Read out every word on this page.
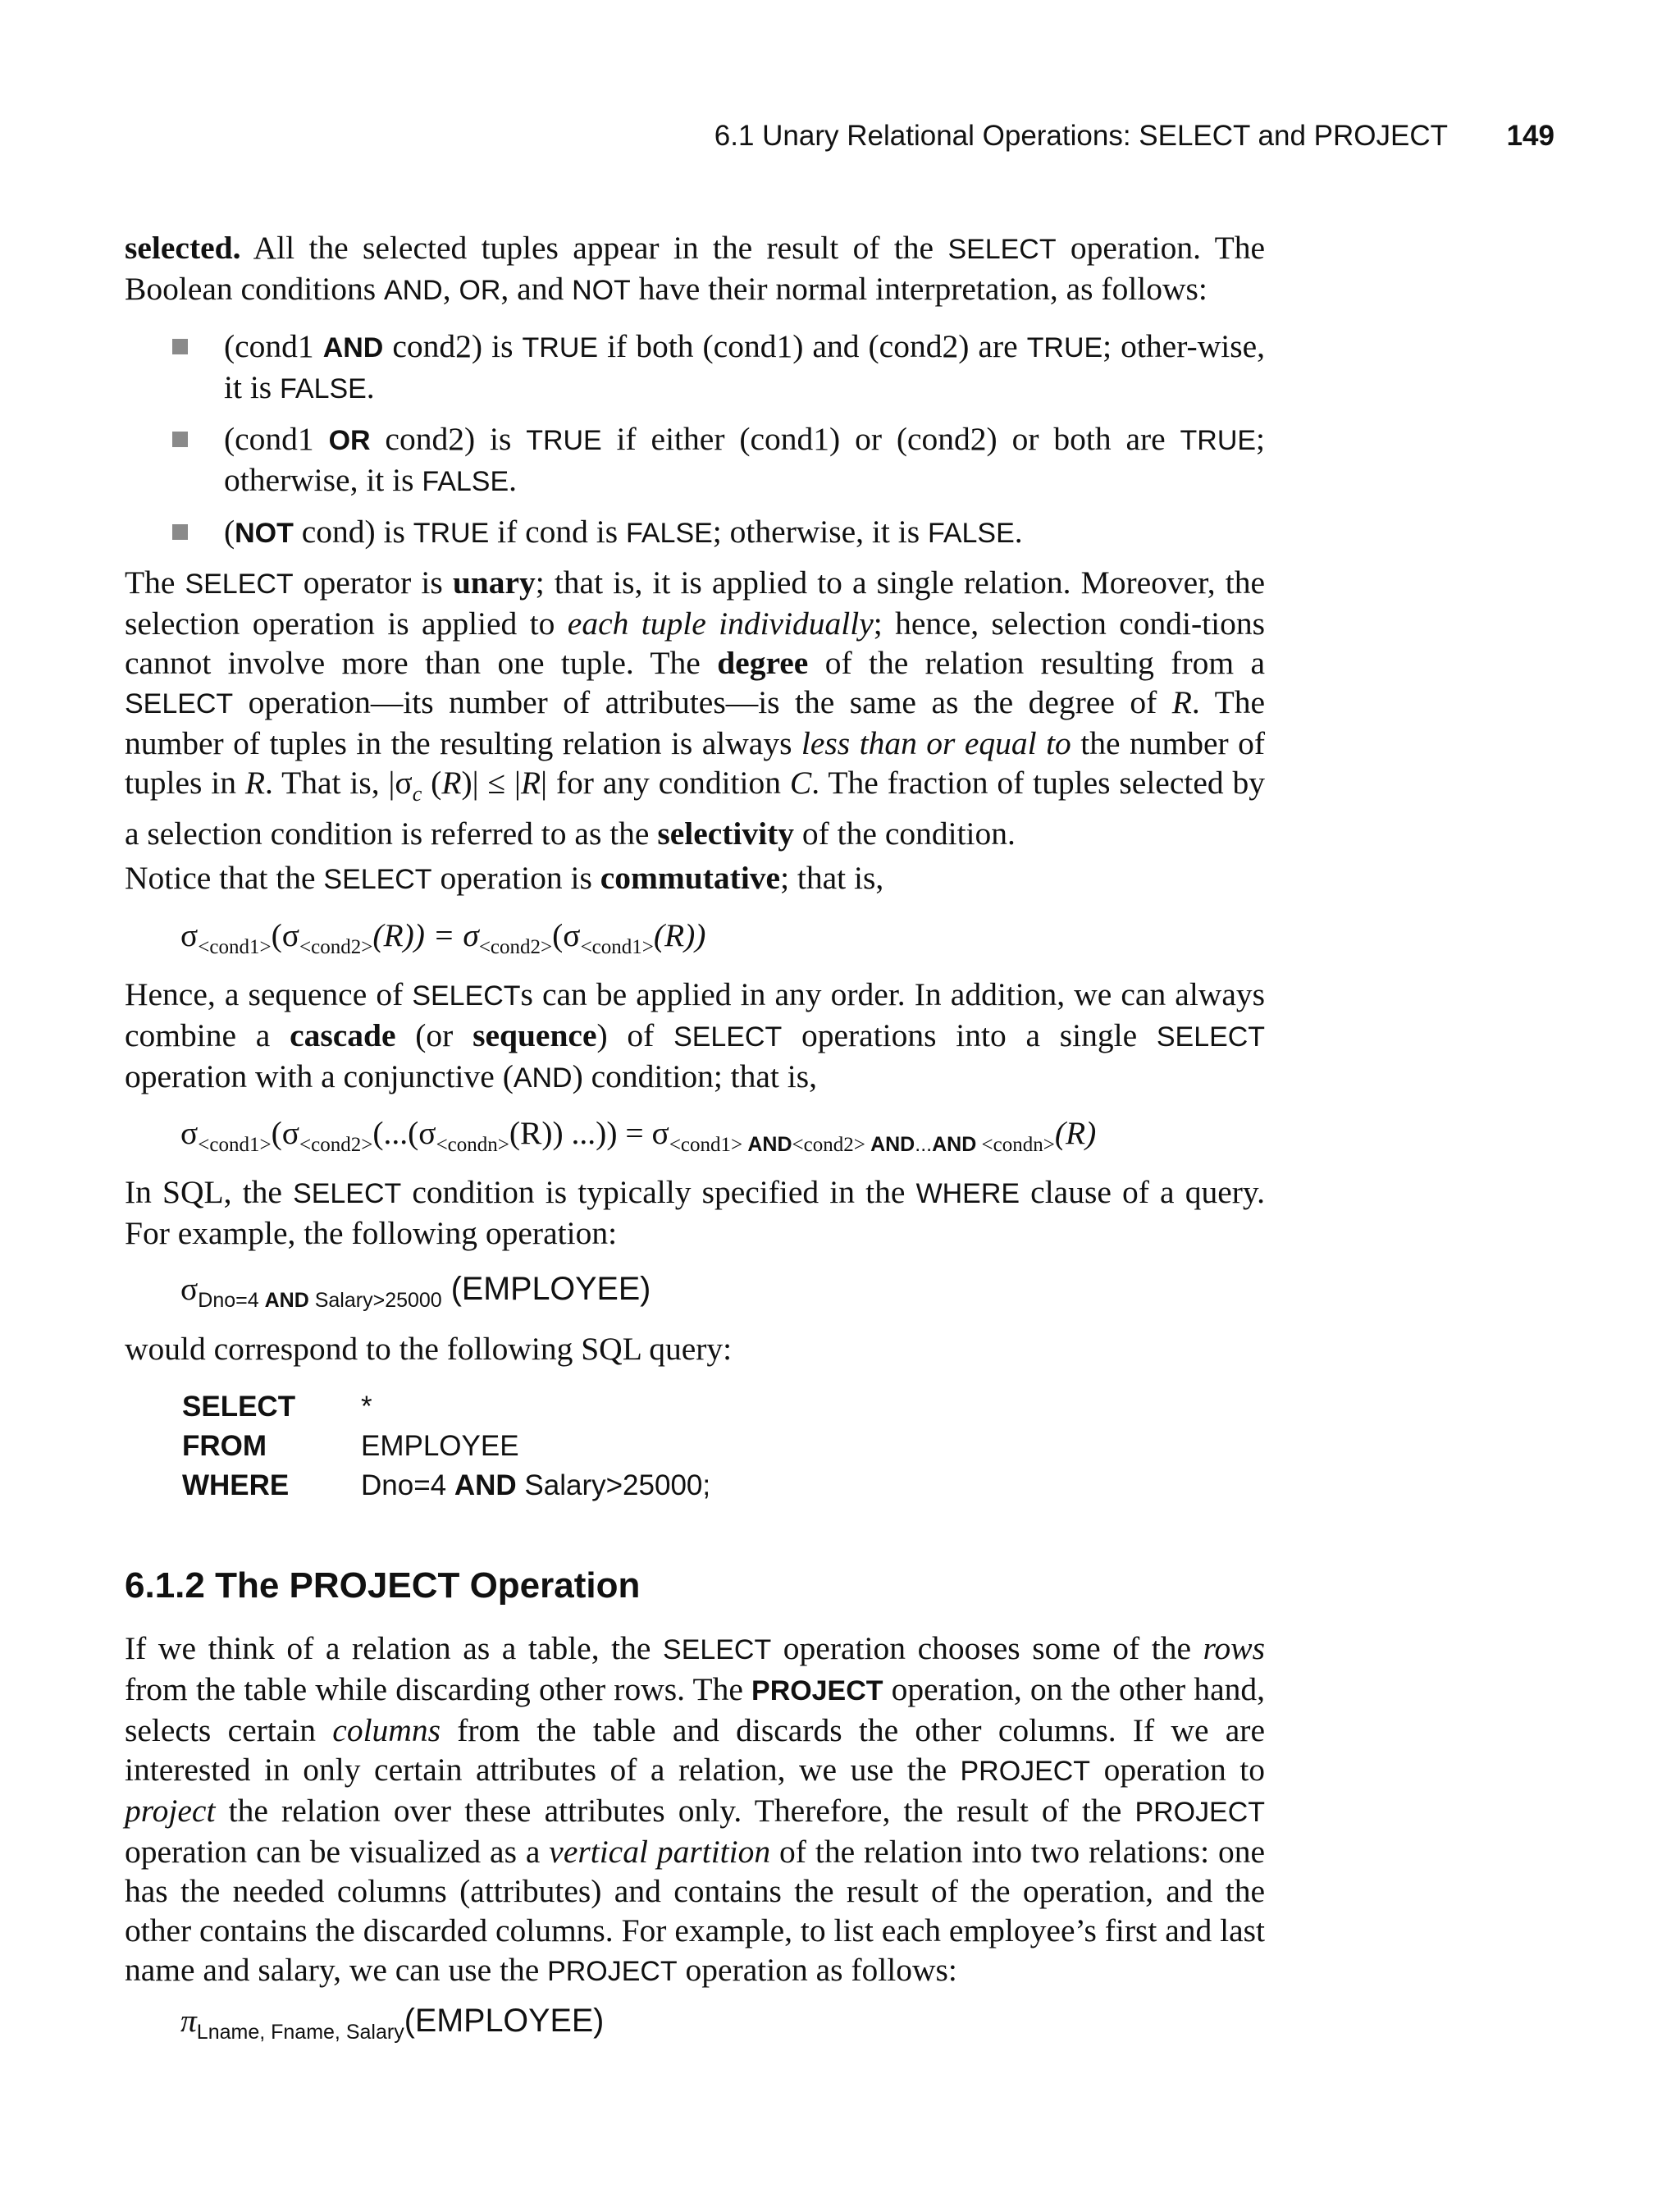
6.1 Unary Relational Operations: SELECT and PROJECT 149

selected. All the selected tuples appear in the result of the SELECT operation. The Boolean conditions AND, OR, and NOT have their normal interpretation, as follows:

(cond1 AND cond2) is TRUE if both (cond1) and (cond2) are TRUE; other-wise, it is FALSE.
(cond1 OR cond2) is TRUE if either (cond1) or (cond2) or both are TRUE; otherwise, it is FALSE.
(NOT cond) is TRUE if cond is FALSE; otherwise, it is FALSE.

The SELECT operator is unary; that is, it is applied to a single relation. Moreover, the selection operation is applied to each tuple individually; hence, selection condi-tions cannot involve more than one tuple. The degree of the relation resulting from a SELECT operation—its number of attributes—is the same as the degree of R. The number of tuples in the resulting relation is always less than or equal to the number of tuples in R. That is, $|\sigma_c$ (R)| ≤ |R| for any condition C. The fraction of tuples selected by a selection condition is referred to as the selectivity of the condition.

Notice that the SELECT operation is commutative; that is,

$\sigma_{<cond1>}(\sigma_{<cond2>}(R)) = \sigma_{<cond2>}(\sigma_{<cond1>}(R))$

Hence, a sequence of SELECTs can be applied in any order. In addition, we can always combine a cascade (or sequence) of SELECT operations into a single SELECT operation with a conjunctive (AND) condition; that is,

$\sigma_{<cond1>}(\sigma_{<cond2>}(...(\sigma_{<condn>}(R))$ ...)) = $\sigma_{<cond1> AND<cond2> AND...AND <condn>}(R)$

In SQL, the SELECT condition is typically specified in the WHERE clause of a query. For example, the following operation:

$\sigma_{Dno=4 AND Salary>25000}$ (EMPLOYEE)

would correspond to the following SQL query:

SELECT *
FROM	EMPLOYEE
WHERE	Dno=4 AND Salary>25000;
6.1.2 The PROJECT Operation

If we think of a relation as a table, the SELECT operation chooses some of the rows from the table while discarding other rows. The PROJECT operation, on the other hand, selects certain columns from the table and discards the other columns. If we are interested in only certain attributes of a relation, we use the PROJECT operation to project the relation over these attributes only. Therefore, the result of the PROJECT operation can be visualized as a vertical partition of the relation into two relations: one has the needed columns (attributes) and contains the result of the operation, and the other contains the discarded columns. For example, to list each employee’s first and last name and salary, we can use the PROJECT operation as follows:

$\pi_{Lname, Fname, Salary}(EMPLOYEE)$
